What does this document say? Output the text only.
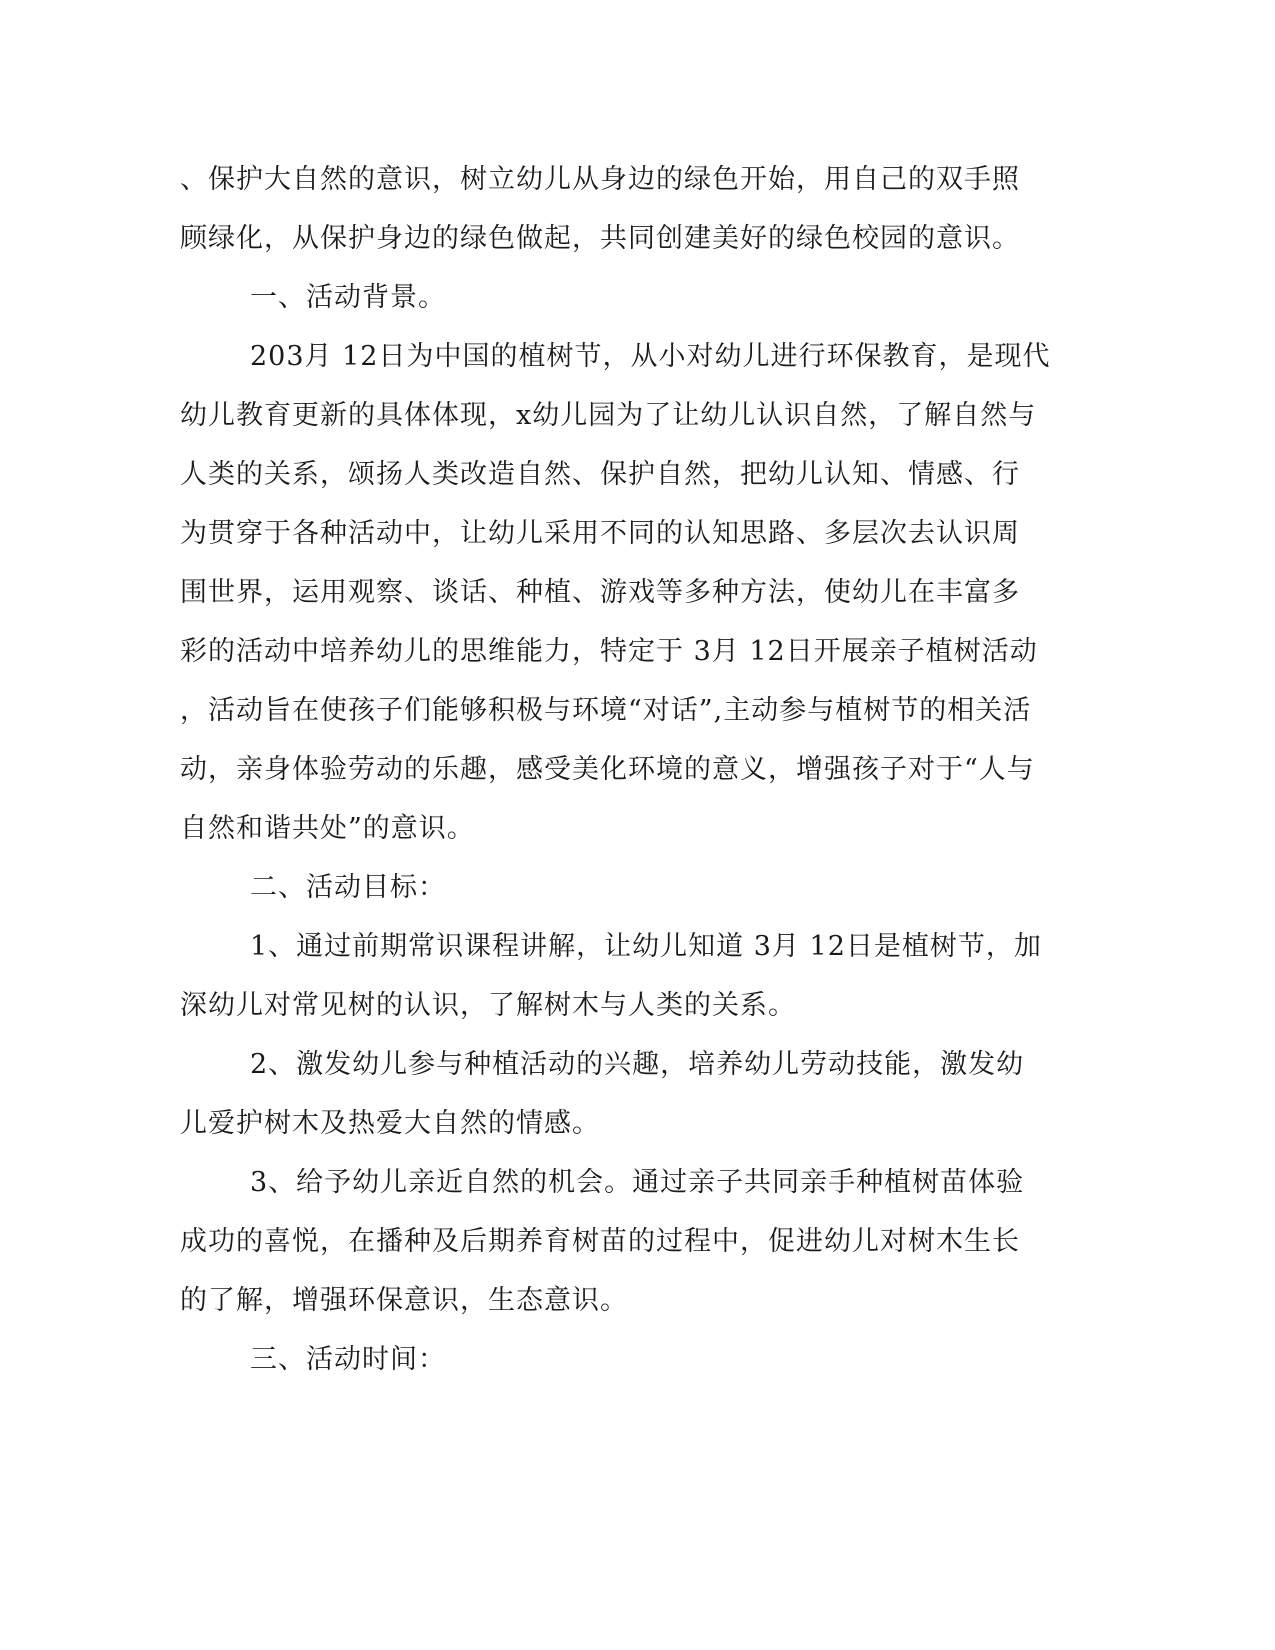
、保护大自然的意识，树立幼儿从身边的绿色开始，用自己的双手照
顾绿化，从保护身边的绿色做起，共同创建美好的绿色校园的意识。
一、活动背景。
203月 12日为中国的植树节，从小对幼儿进行环保教育，是现代
幼儿教育更新的具体体现，x幼儿园为了让幼儿认识自然，了解自然与
人类的关系，颂扬人类改造自然、保护自然，把幼儿认知、情感、行
为贯穿于各种活动中，让幼儿采用不同的认知思路、多层次去认识周
围世界，运用观察、谈话、种植、游戏等多种方法，使幼儿在丰富多
彩的活动中培养幼儿的思维能力，特定于 3月 12日开展亲子植树活动
，活动旨在使孩子们能够积极与环境“对话”,主动参与植树节的相关活
动，亲身体验劳动的乐趣，感受美化环境的意义，增强孩子对于“人与
自然和谐共处”的意识。
二、活动目标：
1、通过前期常识课程讲解，让幼儿知道 3月 12日是植树节，加
深幼儿对常见树的认识，了解树木与人类的关系。
2、激发幼儿参与种植活动的兴趣，培养幼儿劳动技能，激发幼
儿爱护树木及热爱大自然的情感。
3、给予幼儿亲近自然的机会。通过亲子共同亲手种植树苗体验
成功的喜悦，在播种及后期养育树苗的过程中，促进幼儿对树木生长
的了解，增强环保意识，生态意识。
三、活动时间：
